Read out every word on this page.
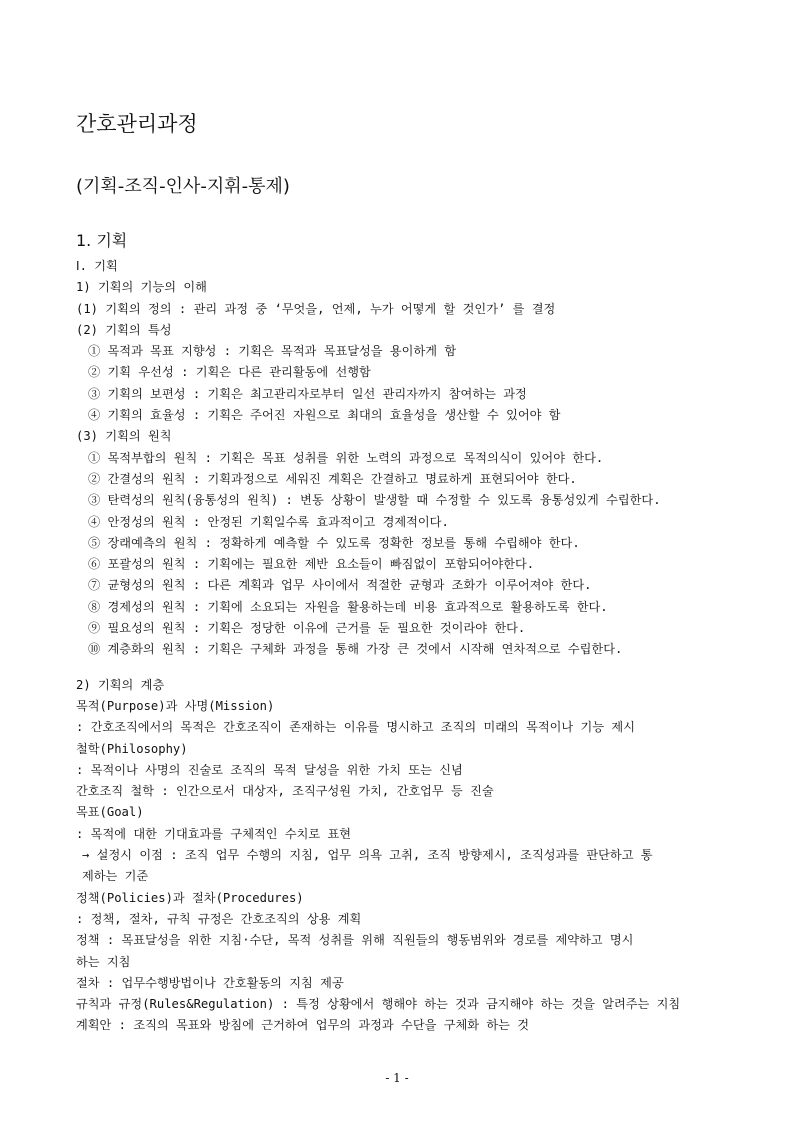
간호관리과정
(기획-조직-인사-지휘-통제)
1. 기획
Ⅰ. 기획
1) 기획의 기능의 이해
(1) 기획의 정의 : 관리 과정 중 ‘무엇을, 언제, 누가 어떻게 할 것인가’ 를 결정
(2) 기획의 특성
① 목적과 목표 지향성 : 기획은 목적과 목표달성을 용이하게 함
② 기획 우선성 : 기획은 다른 관리활동에 선행함
③ 기획의 보편성 : 기획은 최고관리자로부터 일선 관리자까지 참여하는 과정
④ 기획의 효율성 : 기획은 주어진 자원으로 최대의 효율성을 생산할 수 있어야 함
(3) 기획의 원칙
① 목적부합의 원칙 : 기획은 목표 성취를 위한 노력의 과정으로 목적의식이 있어야 한다.
② 간결성의 원칙 : 기획과정으로 세워진 계획은 간결하고 명료하게 표현되어야 한다.
③ 탄력성의 원칙(융통성의 원칙) : 변동 상황이 발생할 때 수정할 수 있도록 융통성있게 수립한다.
④ 안정성의 원칙 : 안정된 기획일수록 효과적이고 경제적이다.
⑤ 장래예측의 원칙 : 정확하게 예측할 수 있도록 정확한 정보를 통해 수립해야 한다.
⑥ 포괄성의 원칙 : 기획에는 필요한 제반 요소들이 빠짐없이 포함되어야한다.
⑦ 균형성의 원칙 : 다른 계획과 업무 사이에서 적절한 균형과 조화가 이루어져야 한다.
⑧ 경제성의 원칙 : 기획에 소요되는 자원을 활용하는데 비용 효과적으로 활용하도록 한다.
⑨ 필요성의 원칙 : 기획은 정당한 이유에 근거를 둔 필요한 것이라야 한다.
⑩ 계층화의 원칙 : 기획은 구체화 과정을 통해 가장 큰 것에서 시작해 연차적으로 수립한다.
2) 기획의 계층
목적(Purpose)과 사명(Mission)
: 간호조직에서의 목적은 간호조직이 존재하는 이유를 명시하고 조직의 미래의 목적이나 기능 제시
철학(Philosophy)
: 목적이나 사명의 진술로 조직의 목적 달성을 위한 가치 또는 신념
간호조직 철학 : 인간으로서 대상자, 조직구성원 가치, 간호업무 등 진술
목표(Goal)
: 목적에 대한 기대효과를 구체적인 수치로 표현
→ 설정시 이점 : 조직 업무 수행의 지침, 업무 의욕 고취, 조직 방향제시, 조직성과를 판단하고 통
제하는 기준
정책(Policies)과 절차(Procedures)
: 정책, 절차, 규칙 규정은 간호조직의 상용 계획
정책 : 목표달성을 위한 지침·수단, 목적 성취를 위해 직원들의 행동범위와 경로를 제약하고 명시
하는 지침
절차 : 업무수행방법이나 간호활동의 지침 제공
규칙과 규정(Rules&Regulation) : 특정 상황에서 행해야 하는 것과 금지해야 하는 것을 알려주는 지침
계획안 : 조직의 목표와 방침에 근거하여 업무의 과정과 수단을 구체화 하는 것
- 1 -
